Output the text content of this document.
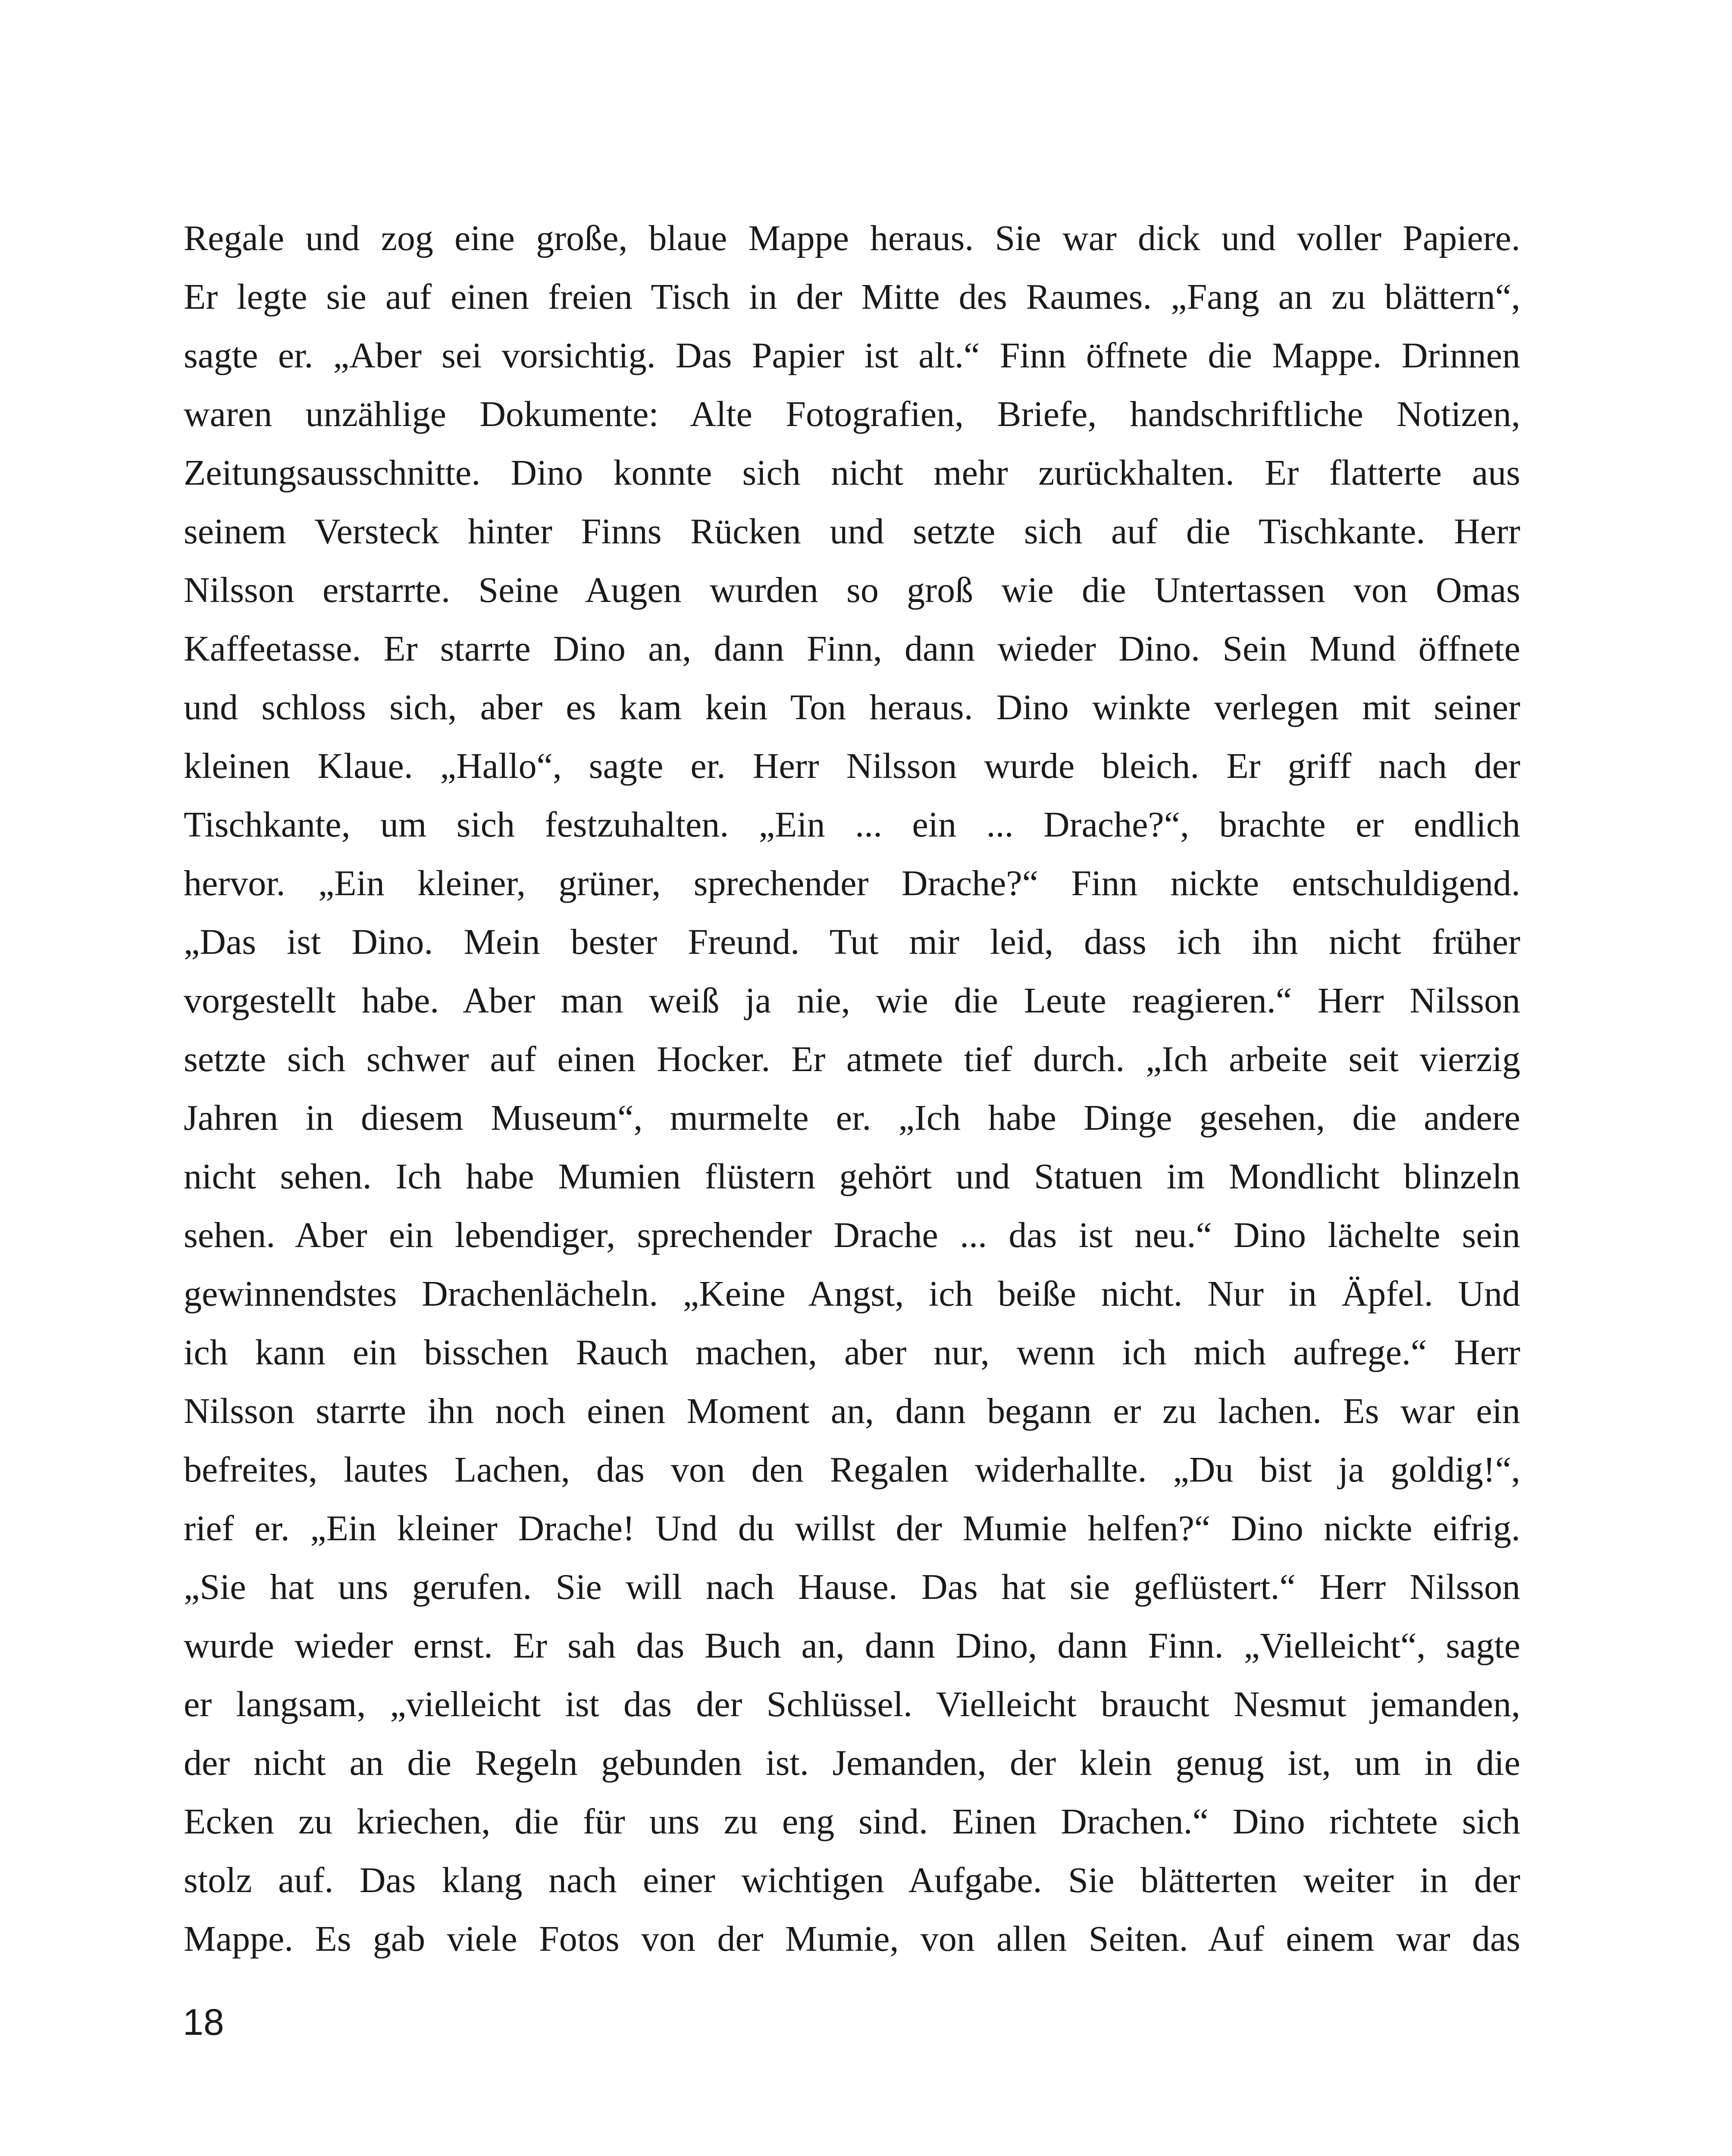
Regale und zog eine große, blaue Mappe heraus. Sie war dick und voller Papiere.
Er legte sie auf einen freien Tisch in der Mitte des Raumes. „Fang an zu blättern“,
sagte er. „Aber sei vorsichtig. Das Papier ist alt.“ Finn öffnete die Mappe. Drinnen
waren unzählige Dokumente: Alte Fotografien, Briefe, handschriftliche Notizen,
Zeitungsausschnitte. Dino konnte sich nicht mehr zurückhalten. Er flatterte aus
seinem Versteck hinter Finns Rücken und setzte sich auf die Tischkante. Herr
Nilsson erstarrte. Seine Augen wurden so groß wie die Untertassen von Omas
Kaffeetasse. Er starrte Dino an, dann Finn, dann wieder Dino. Sein Mund öffnete
und schloss sich, aber es kam kein Ton heraus. Dino winkte verlegen mit seiner
kleinen Klaue. „Hallo“, sagte er. Herr Nilsson wurde bleich. Er griff nach der
Tischkante, um sich festzuhalten. „Ein ... ein ... Drache?“, brachte er endlich
hervor. „Ein kleiner, grüner, sprechender Drache?“ Finn nickte entschuldigend.
„Das ist Dino. Mein bester Freund. Tut mir leid, dass ich ihn nicht früher
vorgestellt habe. Aber man weiß ja nie, wie die Leute reagieren.“ Herr Nilsson
setzte sich schwer auf einen Hocker. Er atmete tief durch. „Ich arbeite seit vierzig
Jahren in diesem Museum“, murmelte er. „Ich habe Dinge gesehen, die andere
nicht sehen. Ich habe Mumien flüstern gehört und Statuen im Mondlicht blinzeln
sehen. Aber ein lebendiger, sprechender Drache ... das ist neu.“ Dino lächelte sein
gewinnendstes Drachenlächeln. „Keine Angst, ich beiße nicht. Nur in Äpfel. Und
ich kann ein bisschen Rauch machen, aber nur, wenn ich mich aufrege.“ Herr
Nilsson starrte ihn noch einen Moment an, dann begann er zu lachen. Es war ein
befreites, lautes Lachen, das von den Regalen widerhallte. „Du bist ja goldig!“,
rief er. „Ein kleiner Drache! Und du willst der Mumie helfen?“ Dino nickte eifrig.
„Sie hat uns gerufen. Sie will nach Hause. Das hat sie geflüstert.“ Herr Nilsson
wurde wieder ernst. Er sah das Buch an, dann Dino, dann Finn. „Vielleicht“, sagte
er langsam, „vielleicht ist das der Schlüssel. Vielleicht braucht Nesmut jemanden,
der nicht an die Regeln gebunden ist. Jemanden, der klein genug ist, um in die
Ecken zu kriechen, die für uns zu eng sind. Einen Drachen.“ Dino richtete sich
stolz auf. Das klang nach einer wichtigen Aufgabe. Sie blätterten weiter in der
Mappe. Es gab viele Fotos von der Mumie, von allen Seiten. Auf einem war das
18
